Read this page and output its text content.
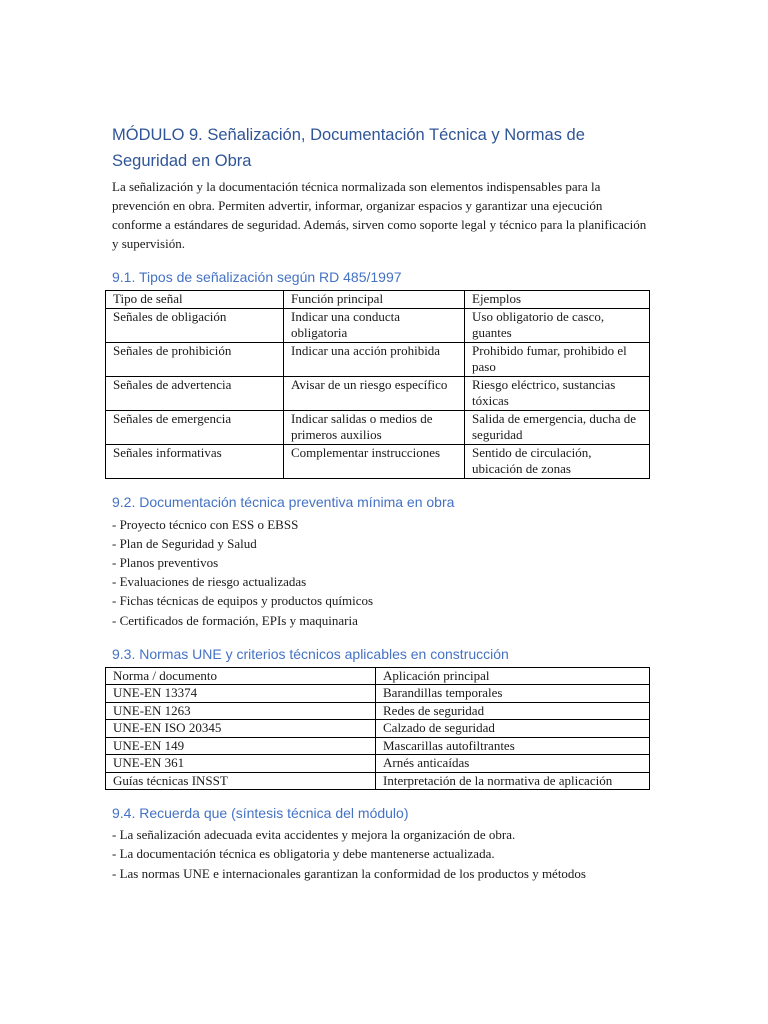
MÓDULO 9. Señalización, Documentación Técnica y Normas de Seguridad en Obra

La señalización y la documentación técnica normalizada son elementos indispensables para la prevención en obra. Permiten advertir, informar, organizar espacios y garantizar una ejecución conforme a estándares de seguridad. Además, sirven como soporte legal y técnico para la planificación y supervisión.

9.1. Tipos de señalización según RD 485/1997
Tipo de señal	Función principal	Ejemplos
Señales de obligación	Indicar una conducta obligatoria	Uso obligatorio de casco, guantes
Señales de prohibición	Indicar una acción prohibida	Prohibido fumar, prohibido el paso
Señales de advertencia	Avisar de un riesgo específico	Riesgo eléctrico, sustancias tóxicas
Señales de emergencia	Indicar salidas o medios de primeros auxilios	Salida de emergencia, ducha de seguridad
Señales informativas	Complementar instrucciones	Sentido de circulación, ubicación de zonas
9.2. Documentación técnica preventiva mínima en obra
- Proyecto técnico con ESS o EBSS
- Plan de Seguridad y Salud
- Planos preventivos
- Evaluaciones de riesgo actualizadas
- Fichas técnicas de equipos y productos químicos
- Certificados de formación, EPIs y maquinaria
9.3. Normas UNE y criterios técnicos aplicables en construcción
Norma / documento	Aplicación principal
UNE-EN 13374	Barandillas temporales
UNE-EN 1263	Redes de seguridad
UNE-EN ISO 20345	Calzado de seguridad
UNE-EN 149	Mascarillas autofiltrantes
UNE-EN 361	Arnés anticaídas
Guías técnicas INSST	Interpretación de la normativa de aplicación
9.4. Recuerda que (síntesis técnica del módulo)
- La señalización adecuada evita accidentes y mejora la organización de obra.
- La documentación técnica es obligatoria y debe mantenerse actualizada.
- Las normas UNE e internacionales garantizan la conformidad de los productos y métodos
